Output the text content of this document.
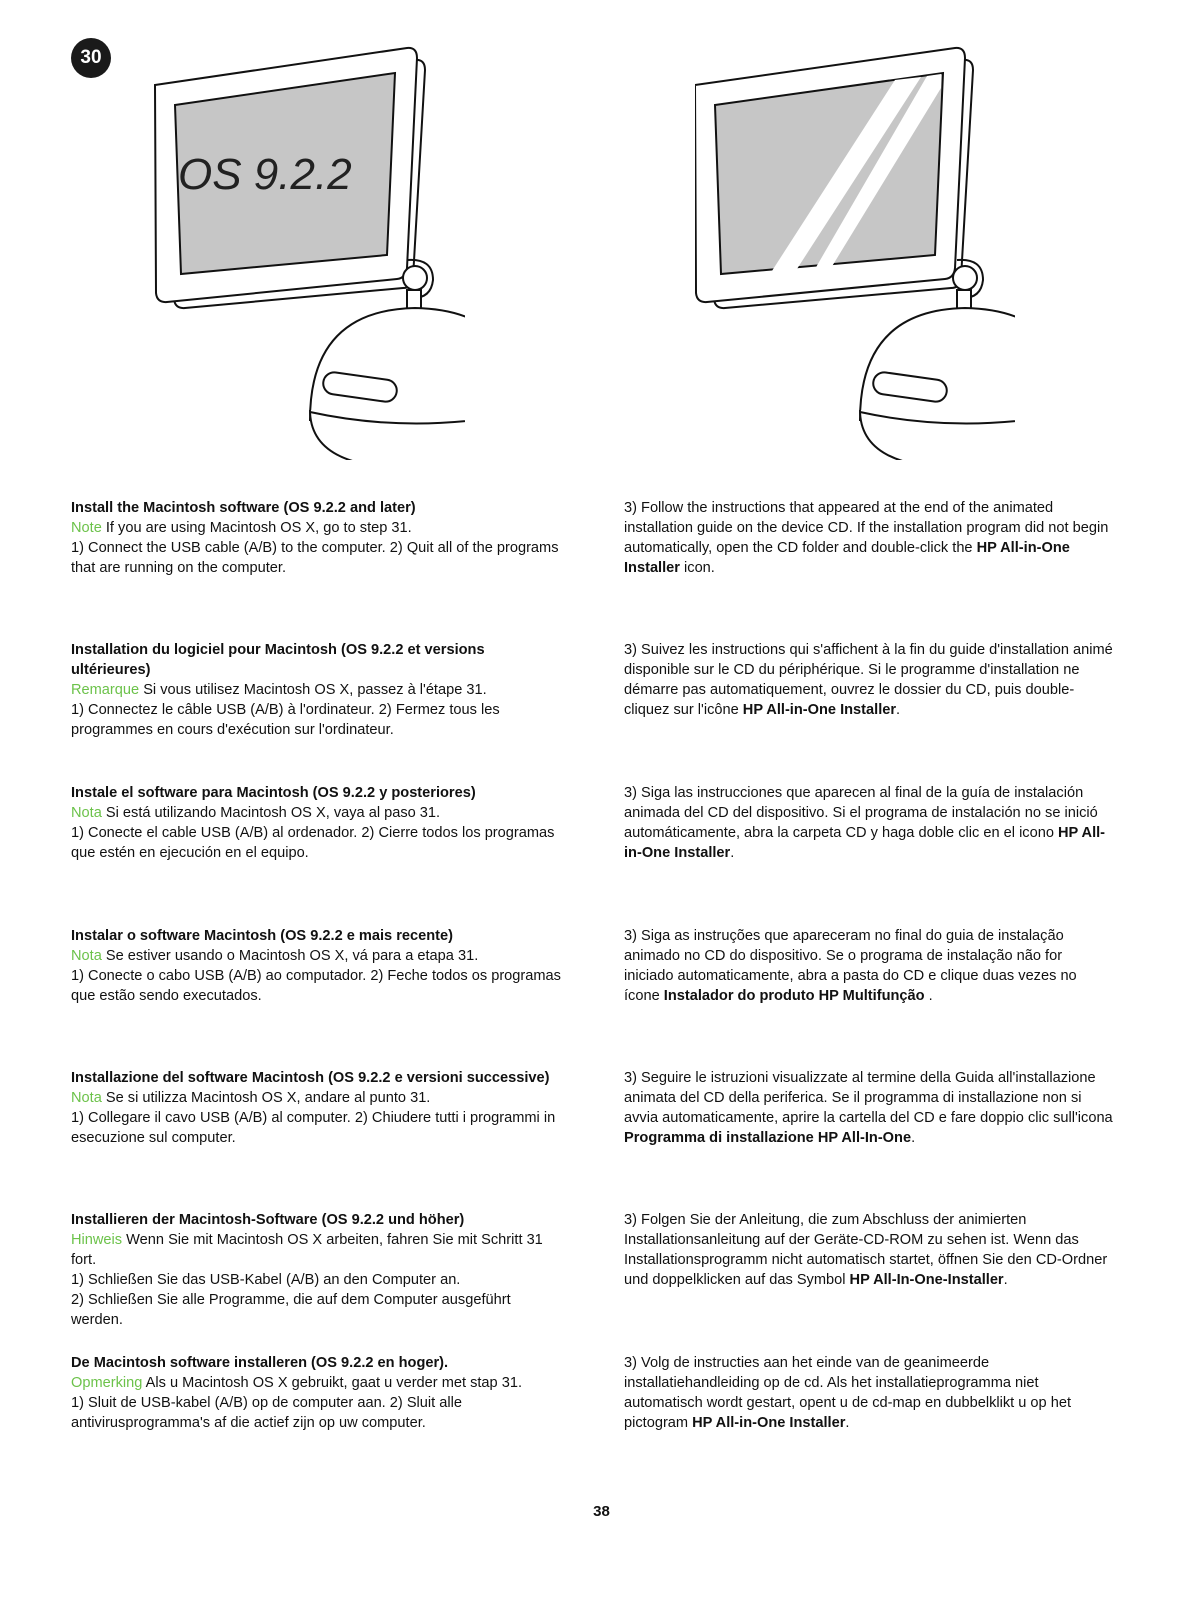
30
OS 9.2.2

Install the Macintosh software (OS 9.2.2 and later)

Note If you are using Macintosh OS X, go to step 31.

1) Connect the USB cable (A/B) to the computer. 2) Quit all of the programs that are running on the computer.

Installation du logiciel pour Macintosh (OS 9.2.2 et versions ultérieures)

Remarque Si vous utilisez Macintosh OS X, passez à l'étape 31.

1) Connectez le câble USB (A/B) à l'ordinateur. 2) Fermez tous les programmes en cours d'exécution sur l'ordinateur.

Instale el software para Macintosh (OS 9.2.2 y posteriores)

Nota Si está utilizando Macintosh OS X, vaya al paso 31.

1) Conecte el cable USB (A/B) al ordenador. 2) Cierre todos los programas que estén en ejecución en el equipo.

Instalar o software Macintosh (OS 9.2.2 e mais recente)

Nota Se estiver usando o Macintosh OS X, vá para a etapa 31.

1) Conecte o cabo USB (A/B) ao computador. 2) Feche todos os programas que estão sendo executados.

Installazione del software Macintosh (OS 9.2.2 e versioni successive)

Nota Se si utilizza Macintosh OS X, andare al punto 31.

1) Collegare il cavo USB (A/B) al computer. 2) Chiudere tutti i programmi in esecuzione sul computer.

Installieren der Macintosh-Software (OS 9.2.2 und höher)

Hinweis Wenn Sie mit Macintosh OS X arbeiten, fahren Sie mit Schritt 31 fort.

1) Schließen Sie das USB-Kabel (A/B) an den Computer an.

2) Schließen Sie alle Programme, die auf dem Computer ausgeführt werden.

De Macintosh software installeren (OS 9.2.2 en hoger).

Opmerking Als u Macintosh OS X gebruikt, gaat u verder met stap 31.

1) Sluit de USB-kabel (A/B) op de computer aan. 2) Sluit alle antivirusprogramma's af die actief zijn op uw computer.

3) Follow the instructions that appeared at the end of the animated installation guide on the device CD. If the installation program did not begin automatically, open the CD folder and double-click the HP All-in-One Installer icon.

3) Suivez les instructions qui s'affichent à la fin du guide d'installation animé disponible sur le CD du périphérique. Si le programme d'installation ne démarre pas automatiquement, ouvrez le dossier du CD, puis double-cliquez sur l'icône HP All-in-One Installer.

3) Siga las instrucciones que aparecen al final de la guía de instalación animada del CD del dispositivo. Si el programa de instalación no se inició automáticamente, abra la carpeta CD y haga doble clic en el icono HP All-in-One Installer.

3) Siga as instruções que apareceram no final do guia de instalação animado no CD do dispositivo. Se o programa de instalação não for iniciado automaticamente, abra a pasta do CD e clique duas vezes no ícone Instalador do produto HP Multifunção .

3) Seguire le istruzioni visualizzate al termine della Guida all'installazione animata del CD della periferica. Se il programma di installazione non si avvia automaticamente, aprire la cartella del CD e fare doppio clic sull'icona Programma di installazione HP All-In-One.

3) Folgen Sie der Anleitung, die zum Abschluss der animierten Installationsanleitung auf der Geräte-CD-ROM zu sehen ist. Wenn das Installationsprogramm nicht automatisch startet, öffnen Sie den CD-Ordner und doppelklicken auf das Symbol HP All-In-One-Installer.

3) Volg de instructies aan het einde van de geanimeerde installatiehandleiding op de cd. Als het installatieprogramma niet automatisch wordt gestart, opent u de cd-map en dubbelklikt u op het pictogram HP All-in-One Installer.

38
